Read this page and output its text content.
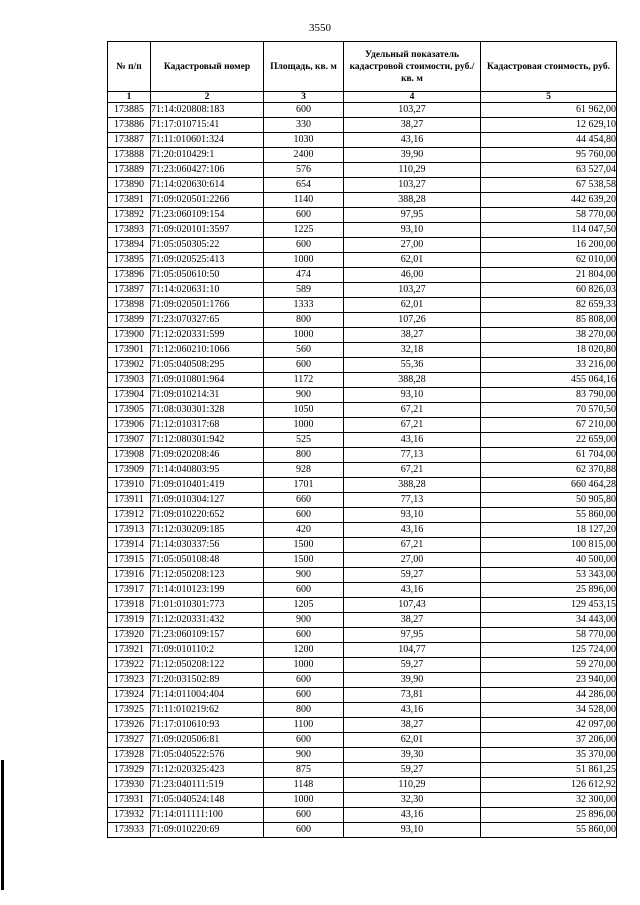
3550
№ п/п	Кадастровый номер	Площадь, кв. м	Удельный показатель кадастровой стоимости, руб./кв. м	Кадастровая стоимость, руб.
1	2	3	4	5
173885	71:14:020808:183	600	103,27	61 962,00
173886	71:17:010715:41	330	38,27	12 629,10
173887	71:11:010601:324	1030	43,16	44 454,80
173888	71:20:010429:1	2400	39,90	95 760,00
173889	71:23:060427:106	576	110,29	63 527,04
173890	71:14:020630:614	654	103,27	67 538,58
173891	71:09:020501:2266	1140	388,28	442 639,20
173892	71:23:060109:154	600	97,95	58 770,00
173893	71:09:020101:3597	1225	93,10	114 047,50
173894	71:05:050305:22	600	27,00	16 200,00
173895	71:09:020525:413	1000	62,01	62 010,00
173896	71:05:050610:50	474	46,00	21 804,00
173897	71:14:020631:10	589	103,27	60 826,03
173898	71:09:020501:1766	1333	62,01	82 659,33
173899	71:23:070327:65	800	107,26	85 808,00
173900	71:12:020331:599	1000	38,27	38 270,00
173901	71:12:060210:1066	560	32,18	18 020,80
173902	71:05:040508:295	600	55,36	33 216,00
173903	71:09:010801:964	1172	388,28	455 064,16
173904	71:09:010214:31	900	93,10	83 790,00
173905	71:08:030301:328	1050	67,21	70 570,50
173906	71:12:010317:68	1000	67,21	67 210,00
173907	71:12:080301:942	525	43,16	22 659,00
173908	71:09:020208:46	800	77,13	61 704,00
173909	71:14:040803:95	928	67,21	62 370,88
173910	71:09:010401:419	1701	388,28	660 464,28
173911	71:09:010304:127	660	77,13	50 905,80
173912	71:09:010220:652	600	93,10	55 860,00
173913	71:12:030209:185	420	43,16	18 127,20
173914	71:14:030337:56	1500	67,21	100 815,00
173915	71:05:050108:48	1500	27,00	40 500,00
173916	71:12:050208:123	900	59,27	53 343,00
173917	71:14:010123:199	600	43,16	25 896,00
173918	71:01:010301:773	1205	107,43	129 453,15
173919	71:12:020331:432	900	38,27	34 443,00
173920	71:23:060109:157	600	97,95	58 770,00
173921	71:09:010110:2	1200	104,77	125 724,00
173922	71:12:050208:122	1000	59,27	59 270,00
173923	71:20:031502:89	600	39,90	23 940,00
173924	71:14:011004:404	600	73,81	44 286,00
173925	71:11:010219:62	800	43,16	34 528,00
173926	71:17:010610:93	1100	38,27	42 097,00
173927	71:09:020506:81	600	62,01	37 206,00
173928	71:05:040522:576	900	39,30	35 370,00
173929	71:12:020325:423	875	59,27	51 861,25
173930	71:23:040111:519	1148	110,29	126 612,92
173931	71:05:040524:148	1000	32,30	32 300,00
173932	71:14:011111:100	600	43,16	25 896,00
173933	71:09:010220:69	600	93,10	55 860,00
